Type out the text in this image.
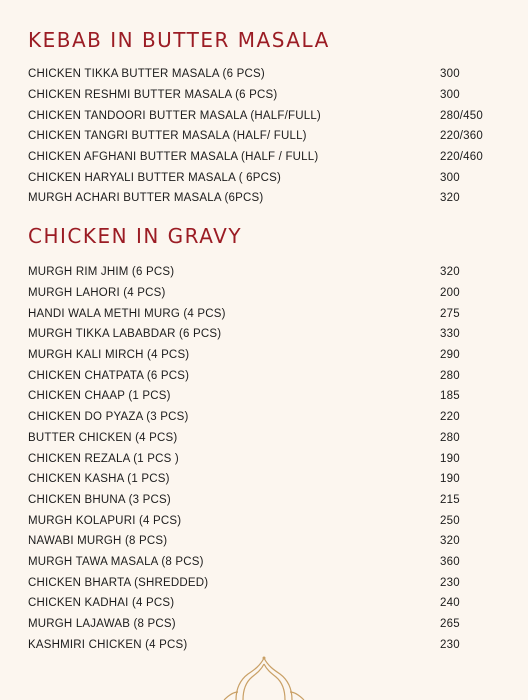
KEBAB IN BUTTER MASALA
CHICKEN TIKKA BUTTER MASALA (6 PCS)	300
CHICKEN RESHMI BUTTER MASALA (6 PCS)	300
CHICKEN TANDOORI BUTTER MASALA (HALF/FULL)	280/450
CHICKEN TANGRI BUTTER MASALA (HALF/ FULL)	220/360
CHICKEN AFGHANI BUTTER MASALA (HALF / FULL)	220/460
CHICKEN HARYALI BUTTER MASALA ( 6PCS)	300
MURGH ACHARI BUTTER MASALA (6PCS)	320
CHICKEN IN GRAVY
MURGH RIM JHIM (6 PCS)	320
MURGH LAHORI (4 PCS)	200
HANDI WALA METHI MURG (4 PCS)	275
MURGH TIKKA LABABDAR (6 PCS)	330
MURGH KALI MIRCH (4 PCS)	290
CHICKEN CHATPATA (6 PCS)	280
CHICKEN CHAAP (1 PCS)	185
CHICKEN DO PYAZA (3 PCS)	220
BUTTER CHICKEN (4 PCS)	280
CHICKEN REZALA (1 PCS )	190
CHICKEN KASHA (1 PCS)	190
CHICKEN BHUNA (3 PCS)	215
MURGH KOLAPURI (4 PCS)	250
NAWABI MURGH (8 PCS)	320
MURGH TAWA MASALA (8 PCS)	360
CHICKEN BHARTA (SHREDDED)	230
CHICKEN KADHAI (4 PCS)	240
MURGH LAJAWAB (8 PCS)	265
KASHMIRI CHICKEN (4 PCS)	230
